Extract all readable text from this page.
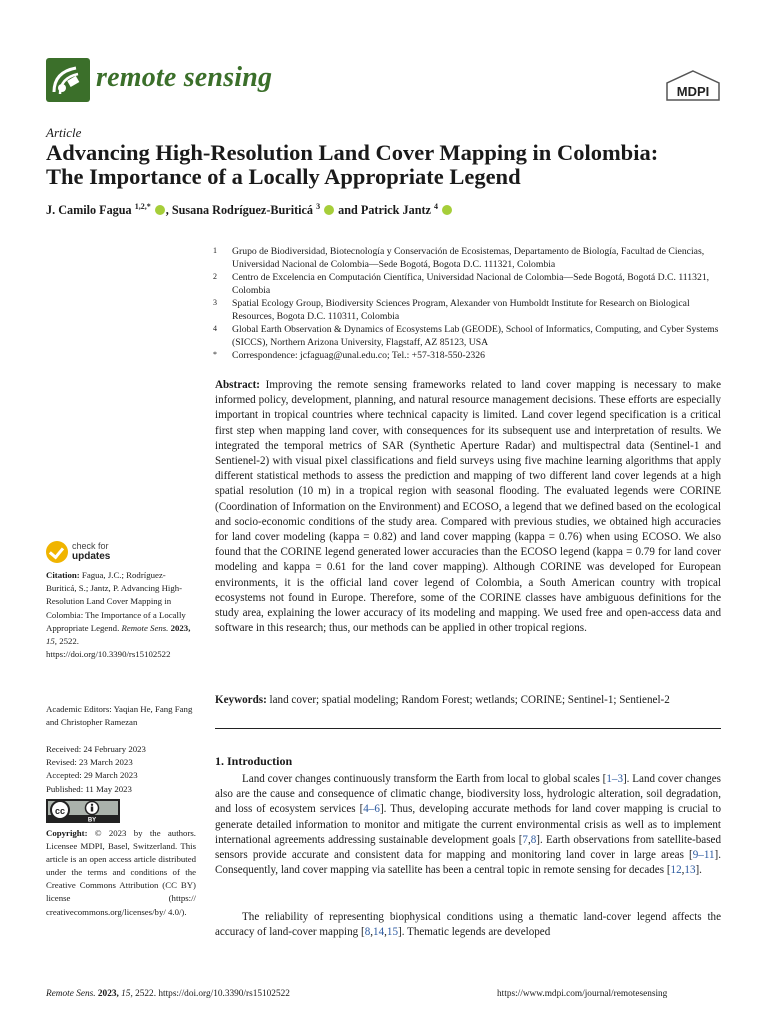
remote sensing	MDPI
Article
Advancing High-Resolution Land Cover Mapping in Colombia:
The Importance of a Locally Appropriate Legend
J. Camilo Fagua $^{1,2,*}$ , Susana Rodríguez-Buriticá $^3$  and Patrick Jantz $^4$
1 Grupo de Biodiversidad, Biotecnología y Conservación de Ecosistemas, Departamento de Biología, Facultad de Ciencias, Universidad Nacional de Colombia—Sede Bogotá, Bogota D.C. 111321, Colombia
2 Centro de Excelencia en Computación Científica, Universidad Nacional de Colombia—Sede Bogotá, Bogotá D.C. 111321, Colombia
3 Spatial Ecology Group, Biodiversity Sciences Program, Alexander von Humboldt Institute for Research on Biological Resources, Bogota D.C. 110311, Colombia
4 Global Earth Observation & Dynamics of Ecosystems Lab (GEODE), School of Informatics, Computing, and Cyber Systems (SICCS), Northern Arizona University, Flagstaff, AZ 85123, USA
* Correspondence: jcfaguag@unal.edu.co; Tel.: +57-318-550-2326
Abstract: Improving the remote sensing frameworks related to land cover mapping is necessary to make informed policy, development, planning, and natural resource management decisions. These efforts are especially important in tropical countries where technical capacity is limited. Land cover legend specification is a critical first step when mapping land cover, with consequences for its subsequent use and interpretation of results. We integrated the temporal metrics of SAR (Synthetic Aperture Radar) and multispectral data (Sentinel-1 and Sentienel-2) with visual pixel classifications and field surveys using five machine learning algorithms that apply different statistical methods to assess the prediction and mapping of two different land cover legends at a high spatial resolution (10 m) in a tropical region with seasonal flooding. The evaluated legends were CORINE (Coordination of Information on the Environment) and ECOSO, a legend that we defined based on the ecological and socio-economic conditions of the study area. Compared with previous studies, we obtained high accuracies for land cover modeling (kappa = 0.82) and land cover mapping (kappa = 0.76) when using ECOSO. We also found that the CORINE legend generated lower accuracies than the ECOSO legend (kappa = 0.79 for land cover modeling and kappa = 0.61 for the land cover mapping). Although CORINE was developed for European environments, it is the official land cover legend of Colombia, a South American country with tropical ecosystems not found in Europe. Therefore, some of the CORINE classes have ambiguous definitions for the study area, explaining the lower accuracy of its modeling and mapping. We used free and open-access data and software in this research; thus, our methods can be applied in other tropical regions.
Keywords: land cover; spatial modeling; Random Forest; wetlands; CORINE; Sentinel-1; Sentienel-2
1. Introduction
Land cover changes continuously transform the Earth from local to global scales [1–3]. Land cover changes also are the cause and consequence of climatic change, biodiversity loss, hydrologic alteration, soil degradation, and loss of ecosystem services [4–6]. Thus, developing accurate methods for land cover mapping is crucial to generate detailed information to monitor and mitigate the current environmental crisis as well as to implement international agreements addressing sustainable development goals [7,8]. Earth observations from satellite-based sensors provide accurate and consistent data for mapping and monitoring land cover in large areas [9–11]. Consequently, land cover mapping via satellite has been a central topic in remote sensing for decades [12,13].
The reliability of representing biophysical conditions using a thematic land-cover legend affects the accuracy of land-cover mapping [8,14,15]. Thematic legends are developed
check for
updates
Citation: Fagua, J.C.; Rodríguez-Buriticá, S.; Jantz, P. Advancing High-Resolution Land Cover Mapping in Colombia: The Importance of a Locally Appropriate Legend. Remote Sens. 2023, 15, 2522. https://doi.org/10.3390/rs15102522
Academic Editors: Yaqian He, Fang Fang and Christopher Ramezan
Received: 24 February 2023
Revised: 23 March 2023
Accepted: 29 March 2023
Published: 11 May 2023
cc
BY
Copyright: © 2023 by the authors. Licensee MDPI, Basel, Switzerland. This article is an open access article distributed under the terms and conditions of the Creative Commons Attribution (CC BY) license (https:// creativecommons.org/licenses/by/ 4.0/).
Remote Sens. 2023, 15, 2522. https://doi.org/10.3390/rs15102522	https://www.mdpi.com/journal/remotesensing
